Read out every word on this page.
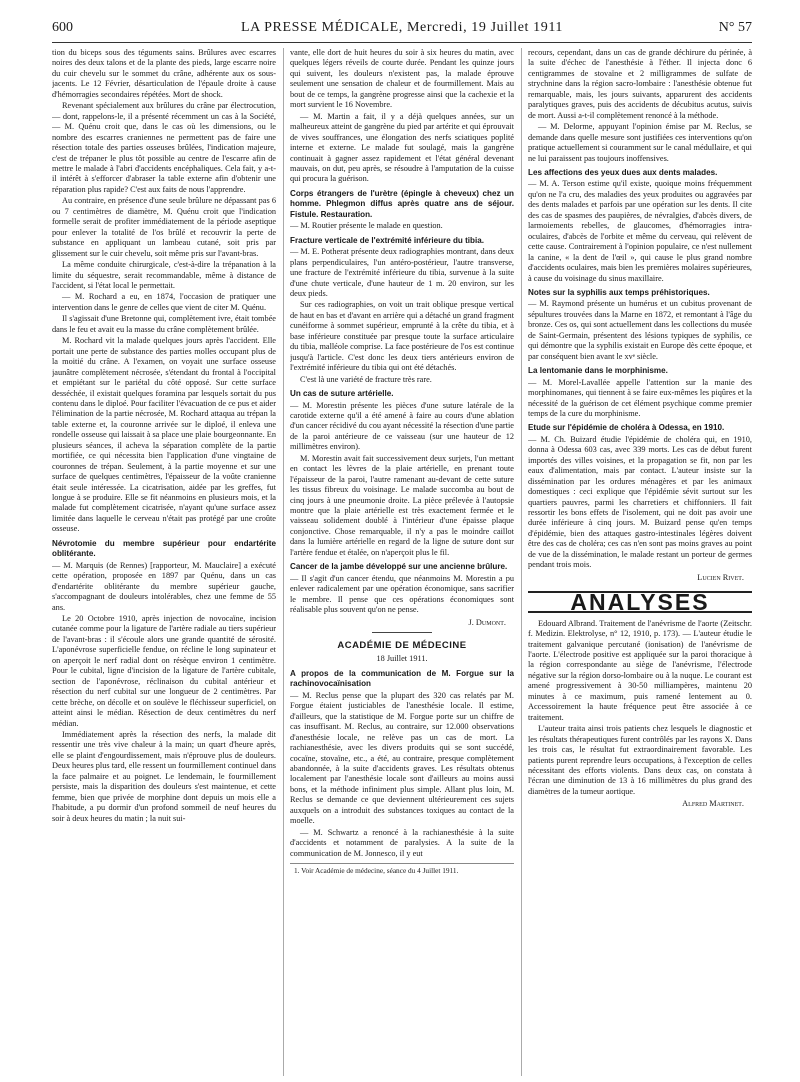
600	LA PRESSE MÉDICALE, Mercredi, 19 Juillet 1911	N° 57

tion du biceps sous des téguments sains. Brûlures avec escarres noires des deux talons et de la plante des pieds, large escarre noire du cuir chevelu sur le sommet du crâne, adhérente aux os sous-jacents. Le 12 Février, désarticulation de l'épaule droite à cause d'hémorragies secondaires répétées. Mort de shock.

Revenant spécialement aux brûlures du crâne par électrocution, — dont, rappelons-le, il a présenté récemment un cas à la Société, — M. Quénu croit que, dans le cas où les dimensions, ou le nombre des escarres craniennes ne permettent pas de faire une résection totale des parties osseuses brûlées, l'indication majeure, c'est de trépaner le plus tôt possible au centre de l'escarre afin de mettre le malade à l'abri d'accidents encéphaliques. Cela fait, y a-t-il intérêt à s'efforcer d'abraser la table externe afin d'obtenir une réparation plus rapide? C'est aux faits de nous l'apprendre.

Au contraire, en présence d'une seule brûlure ne dépassant pas 6 ou 7 centimètres de diamètre, M. Quénu croit que l'indication formelle serait de profiter immédiatement de la période aseptique pour enlever la totalité de l'os brûlé et recouvrir la perte de substance en appliquant un lambeau cutané, soit pris par glissement sur le cuir chevelu, soit même pris sur l'avant-bras.

La même conduite chirurgicale, c'est-à-dire la trépanation à la limite du séquestre, serait recommandable, même à distance de l'accident, si l'état local le permettait.

— M. Rochard a eu, en 1874, l'occasion de pratiquer une intervention dans le genre de celles que vient de citer M. Quénu.

Il s'agissait d'une Bretonne qui, complètement ivre, était tombée dans le feu et avait eu la masse du crâne complètement brûlée.

M. Rochard vit la malade quelques jours après l'accident. Elle portait une perte de substance des parties molles occupant plus de la moitié du crâne. A l'examen, on voyait une surface osseuse jaunâtre complètement nécrosée, s'étendant du frontal à l'occipital et empiétant sur le pariétal du côté opposé. Sur cette surface desséchée, il existait quelques foramina par lesquels sortait du pus contenu dans le diploé. Pour faciliter l'évacuation de ce pus et aider l'élimination de la partie nécrosée, M. Rochard attaqua au trépan la table externe et, la couronne arrivée sur le diploé, il enleva une rondelle osseuse qui laissait à sa place une plaie bourgeonnante. En plusieurs séances, il acheva la séparation complète de la partie mortifiée, ce qui nécessita bien l'application d'une vingtaine de couronnes de trépan. Seulement, à la partie moyenne et sur une surface de quelques centimètres, l'épaisseur de la voûte cranienne était seule intéressée. La cicatrisation, aidée par les greffes, fut longue à se produire. Elle se fit néanmoins en plusieurs mois, et la malade fut complètement cicatrisée, n'ayant qu'une surface assez limitée dans laquelle le cerveau n'était pas protégé par une croûte osseuse.

Névrotomie du membre supérieur pour endartérite oblitérante.

— M. Marquis (de Rennes) [rapporteur, M. Mauclaire] a exécuté cette opération, proposée en 1897 par Quénu, dans un cas d'endartérite oblitérante du membre supérieur gauche, s'accompagnant de douleurs intolérables, chez une femme de 55 ans.

Le 20 Octobre 1910, après injection de novocaïne, incision cutanée comme pour la ligature de l'artère radiale au tiers supérieur de l'avant-bras : il s'écoule alors une grande quantité de sérosité. L'aponévrose superficielle fendue, on récline le long supinateur et on aperçoit le nerf radial dont on résèque environ 1 centimètre. Pour le cubital, ligne d'incision de la ligature de l'artère cubitale, section de l'aponévrose, réclinaison du cubital antérieur et résection du nerf cubital sur une longueur de 2 centimètres. Par cette brèche, on décolle et on soulève le fléchisseur superficiel, on atteint ainsi le médian. Résection de deux centimètres du nerf médian.

Immédiatement après la résection des nerfs, la malade dit ressentir une très vive chaleur à la main; un quart d'heure après, elle se plaint d'engourdissement, mais n'éprouve plus de douleurs. Deux heures plus tard, elle ressent un fourmillement continuel dans la face palmaire et au poignet. Le lendemain, le fourmillement persiste, mais la disparition des douleurs s'est maintenue, et cette femme, bien que privée de morphine dont depuis un mois elle a l'habitude, a pu dormir d'un profond sommeil de neuf heures du soir à deux heures du matin ; la nuit sui-

vante, elle dort de huit heures du soir à six heures du matin, avec quelques légers réveils de courte durée. Pendant les quinze jours qui suivent, les douleurs n'existent pas, la malade éprouve seulement une sensation de chaleur et de fourmillement. Mais au bout de ce temps, la gangrène progresse ainsi que la cachexie et la mort survient le 16 Novembre.

— M. Martin a fait, il y a déjà quelques années, sur un malheureux atteint de gangrène du pied par artérite et qui éprouvait de vives souffrances, une élongation des nerfs sciatiques poplité interne et externe. Le malade fut soulagé, mais la gangrène continuait à gagner assez rapidement et l'état général devenant mauvais, on dut, peu après, se résoudre à l'amputation de la cuisse qui procura la guérison.

Corps étrangers de l'urètre (épingle à cheveux) chez un homme. Phlegmon diffus après quatre ans de séjour. Fistule. Restauration.

— M. Routier présente le malade en question.

Fracture verticale de l'extrémité inférieure du tibia.

— M. E. Potherat présente deux radiographies montrant, dans deux plans perpendiculaires, l'un antéro-postérieur, l'autre transverse, une fracture de l'extrémité inférieure du tibia, survenue à la suite d'une chute verticale, d'une hauteur de 1 m. 20 environ, sur les deux pieds.

Sur ces radiographies, on voit un trait oblique presque vertical de haut en bas et d'avant en arrière qui a détaché un grand fragment cunéiforme à sommet supérieur, emprunté à la crête du tibia, et à base inférieure constituée par presque toute la surface articulaire du tibia, malléole comprise. La face postérieure de l'os est continue jusqu'à l'article. C'est donc les deux tiers antérieurs environ de l'extrémité inférieure du tibia qui ont été détachés.

C'est là une variété de fracture très rare.

Un cas de suture artérielle.

— M. Morestin présente les pièces d'une suture latérale de la carotide externe qu'il a été amené à faire au cours d'une ablation d'un cancer récidivé du cou ayant nécessité la résection d'une partie de la paroi antérieure de ce vaisseau (sur une hauteur de 12 millimètres environ).

M. Morestin avait fait successivement deux surjets, l'un mettant en contact les lèvres de la plaie artérielle, en prenant toute l'épaisseur de la paroi, l'autre ramenant au-devant de cette suture les tissus fibreux du voisinage. Le malade succomba au bout de cinq jours à une pneumonie droite. La pièce prélevée à l'autopsie montre que la plaie artérielle est très exactement fermée et le vaisseau solidement doublé à l'intérieur d'une épaisse plaque conjonctive. Chose remarquable, il n'y a pas le moindre caillot dans la lumière artérielle en regard de la ligne de suture dont sur l'artère fendue et étalée, on n'aperçoit plus le fil.

Cancer de la jambe développé sur une ancienne brûlure.

— Il s'agit d'un cancer étendu, que néanmoins M. Morestin a pu enlever radicalement par une opération économique, sans sacrifier le membre. Il pense que ces opérations économiques sont réalisable plus souvent qu'on ne pense.

J. Dumont.

ACADÉMIE DE MÉDECINE

18 Juillet 1911.

A propos de la communication de M. Forgue sur la rachinovocaïnisation

— M. Reclus pense que la plupart des 320 cas relatés par M. Forgue étaient justiciables de l'anesthésie locale. Il estime, d'ailleurs, que la statistique de M. Forgue porte sur un chiffre de cas insuffisant. M. Reclus, au contraire, sur 12.000 observations d'anesthésie locale, ne relève pas un cas de mort. La rachianesthésie, avec les divers produits qui se sont succédé, cocaïne, stovaïne, etc., a été, au contraire, presque complètement abandonnée, à la suite d'accidents graves. Les résultats obtenus localement par l'anesthésie locale sont d'ailleurs au moins aussi bons, et la méthode infiniment plus simple. Allant plus loin, M. Reclus se demande ce que deviennent ultérieurement ces sujets auxquels on a introduit des substances toxiques au contact de la moelle.

— M. Schwartz a renoncé à la rachianesthésie à la suite d'accidents et notamment de paralysies. A la suite de la communication de M. Jonnesco, il y eut

1. Voir Académie de médecine, séance du 4 Juillet 1911.

recours, cependant, dans un cas de grande déchirure du périnée, à la suite d'échec de l'anesthésie à l'éther. Il injecta donc 6 centigrammes de stovaïne et 2 milligrammes de sulfate de strychnine dans la région sacro-lombaire : l'anesthésie obtenue fut remarquable, mais, les jours suivants, apparurent des accidents paralytiques graves, puis des accidents de décubitus acutus, suivis de mort. Aussi a-t-il complètement renoncé à la méthode.

— M. Delorme, appuyant l'opinion émise par M. Reclus, se demande dans quelle mesure sont justifiées ces interventions qu'on pratique actuellement si couramment sur le canal médullaire, et qui ne lui paraissent pas toujours inoffensives.

Les affections des yeux dues aux dents malades.

— M. A. Terson estime qu'il existe, quoique moins fréquemment qu'on ne l'a cru, des maladies des yeux produites ou aggravées par des dents malades et parfois par une opération sur les dents. Il cite des cas de spasmes des paupières, de névralgies, d'abcès divers, de larmoiements rebelles, de glaucomes, d'hémorragies intra-oculaires, d'abcès de l'orbite et même du cerveau, qui relèvent de cette cause. Contrairement à l'opinion populaire, ce n'est nullement la canine, « la dent de l'œil », qui cause le plus grand nombre d'accidents oculaires, mais bien les premières molaires supérieures, à cause du voisinage du sinus maxillaire.

Notes sur la syphilis aux temps préhistoriques.

— M. Raymond présente un humérus et un cubitus provenant de sépultures trouvées dans la Marne en 1872, et remontant à l'âge du bronze. Ces os, qui sont actuellement dans les collections du musée de Saint-Germain, présentent des lésions typiques de syphilis, ce qui démontre que la syphilis existait en Europe dès cette époque, et par conséquent bien avant le xvᵉ siècle.

La lentomanie dans le morphinisme.

— M. Morel-Lavallée appelle l'attention sur la manie des morphinomanes, qui tiennent à se faire eux-mêmes les piqûres et la nécessité de la guérison de cet élément psychique comme premier temps de la cure du morphinisme.

Etude sur l'épidémie de choléra à Odessa, en 1910.

— M. Ch. Buizard étudie l'épidémie de choléra qui, en 1910, donna à Odessa 603 cas, avec 339 morts. Les cas de début furent importés des villes voisines, et la propagation se fit, non par les eaux d'alimentation, mais par contact. L'auteur insiste sur la dissémination par les ordures ménagères et par les animaux domestiques : ceci explique que l'épidémie sévit surtout sur les quartiers pauvres, parmi les charretiers et chiffonniers. Il fait ressortir les bons effets de l'isolement, qui ne doit pas avoir une durée inférieure à cinq jours. M. Buizard pense qu'en temps d'épidémie, bien des attaques gastro-intestinales légères doivent être des cas de choléra; ces cas n'en sont pas moins graves au point de vue de la dissémination, le malade restant un porteur de germes pendant trois mois.

Lucien Rivet.

ANALYSES

Edouard Albrand. Traitement de l'anévrisme de l'aorte (Zeitschr. f. Medizin. Elektrolyse, n° 12, 1910, p. 173). — L'auteur étudie le traitement galvanique percutané (ionisation) de l'anévrisme de l'aorte. L'électrode positive est appliquée sur la paroi thoracique à la région correspondante au siège de l'anévrisme, l'électrode négative sur la région dorso-lombaire ou à la nuque. Le courant est amené progressivement à 30-50 milliampères, maintenu 20 minutes à ce maximum, puis ramené lentement au 0. Accessoirement la haute fréquence peut être associée à ce traitement.

L'auteur traita ainsi trois patients chez lesquels le diagnostic et les résultats thérapeutiques furent contrôlés par les rayons X. Dans les trois cas, le résultat fut extraordinairement favorable. Les patients purent reprendre leurs occupations, à l'exception de celles nécessitant des efforts violents. Dans deux cas, on constata à l'écran une diminution de 13 à 16 millimètres du plus grand des diamètres de la tumeur aortique.

Alfred Martinet.
